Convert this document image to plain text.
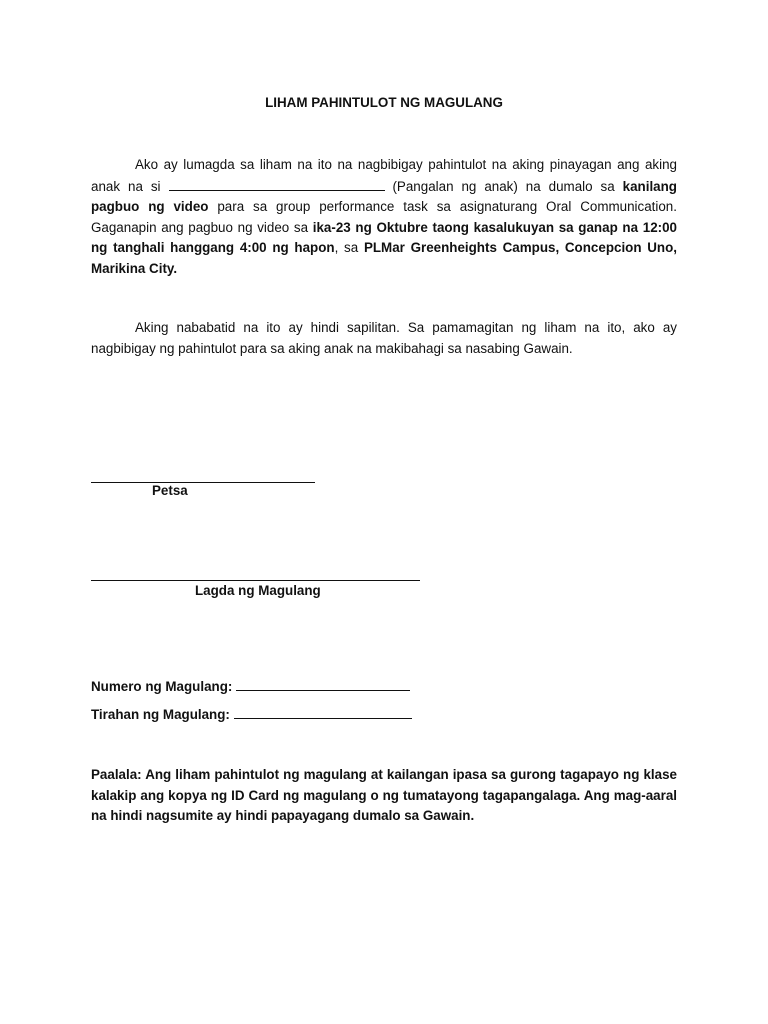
LIHAM PAHINTULOT NG MAGULANG

Ako ay lumagda sa liham na ito na nagbibigay pahintulot na aking pinayagan ang aking anak na si	(Pangalan ng anak) na dumalo sa kanilang pagbuo ng video para sa group performance task sa asignaturang Oral Communication. Gaganapin ang pagbuo ng video sa ika-23 ng Oktubre taong kasalukuyan sa ganap na 12:00 ng tanghali hanggang 4:00 ng hapon, sa PLMar Greenheights Campus, Concepcion Uno, Marikina City.

Aking nababatid na ito ay hindi sapilitan. Sa pamamagitan ng liham na ito, ako ay nagbibigay ng pahintulot para sa aking anak na makibahagi sa nasabing Gawain.

Petsa
Lagda ng Magulang
Numero ng Magulang:
Tirahan ng Magulang:

Paalala: Ang liham pahintulot ng magulang at kailangan ipasa sa gurong tagapayo ng klase kalakip ang kopya ng ID Card ng magulang o ng tumatayong tagapangalaga. Ang mag-aaral na hindi nagsumite ay hindi papayagang dumalo sa Gawain.
